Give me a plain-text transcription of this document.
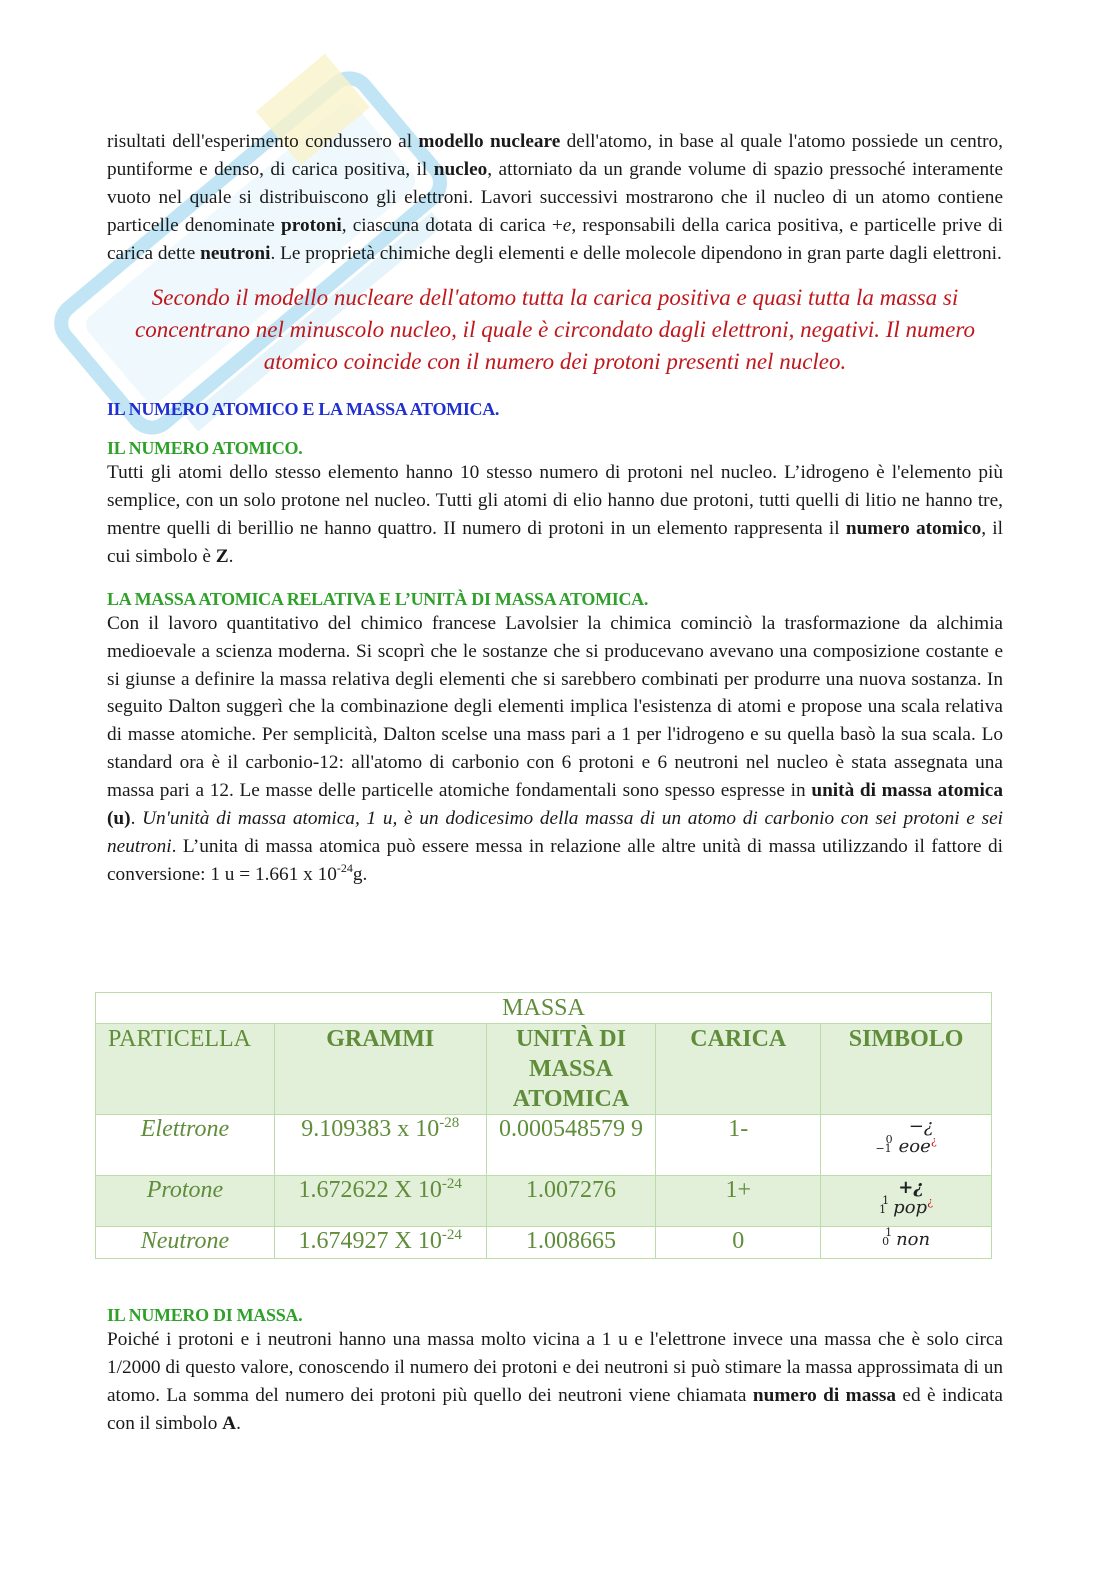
risultati dell'esperimento condussero al modello nucleare dell'atomo, in base al quale l'atomo possiede un centro, puntiforme e denso, di carica positiva, il nucleo, attorniato da un grande volume di spazio pressoché interamente vuoto nel quale si distribuiscono gli elettroni. Lavori successivi mostrarono che il nucleo di un atomo contiene particelle denominate protoni, ciascuna dotata di carica +e, responsabili della carica positiva, e particelle prive di carica dette neutroni. Le proprietà chimiche degli elementi e delle molecole dipendono in gran parte dagli elettroni.

Secondo il modello nucleare dell'atomo tutta la carica positiva e quasi tutta la massa si concentrano nel minuscolo nucleo, il quale è circondato dagli elettroni, negativi. Il numero atomico coincide con il numero dei protoni presenti nel nucleo.

IL NUMERO ATOMICO E LA MASSA ATOMICA.
IL NUMERO ATOMICO.

Tutti gli atomi dello stesso elemento hanno 10 stesso numero di protoni nel nucleo. L’idrogeno è l'elemento più semplice, con un solo protone nel nucleo. Tutti gli atomi di elio hanno due protoni, tutti quelli di litio ne hanno tre, mentre quelli di berillio ne hanno quattro. II numero di protoni in un elemento rappresenta il numero atomico, il cui simbolo è Z.

LA MASSA ATOMICA RELATIVA E L’UNITÀ DI MASSA ATOMICA.

Con il lavoro quantitativo del chimico francese Lavolsier la chimica cominciò la trasformazione da alchimia medioevale a scienza moderna. Si scoprì che le sostanze che si producevano avevano una composizione costante e si giunse a definire la massa relativa degli elementi che si sarebbero combinati per produrre una nuova sostanza. In seguito Dalton suggerì che la combinazione degli elementi implica l'esistenza di atomi e propose una scala relativa di masse atomiche. Per semplicità, Dalton scelse una mass pari a 1 per l'idrogeno e su quella basò la sua scala. Lo standard ora è il carbonio-12: all'atomo di carbonio con 6 protoni e 6 neutroni nel nucleo è stata assegnata una massa pari a 12. Le masse delle particelle atomiche fondamentali sono spesso espresse in unità di massa atomica (u). Un'unità di massa atomica, 1 u, è un dodicesimo della massa di un atomo di carbonio con sei protoni e sei neutroni. L’unita di massa atomica può essere messa in relazione alle altre unità di massa utilizzando il fattore di conversione: 1 u = 1.661 x $10^{-24}g$.

MASSA				
PARTICELLA	GRAMMI	UNITÀ DI MASSA ATOMICA	CARICA	SIMBOLO
Elettrone	9.109383 x $10^{-28}$	0.000548579 9	1-	−¿
$-1^0$ eoe¿

Protone	1.672622 X $10^{-24}$	1.007276	1+	+¿
$1^1$ pop¿

Neutrone	1.674927 X $10^{-24}$	1.008665	0	$0^1$ non
IL NUMERO DI MASSA.

Poiché i protoni e i neutroni hanno una massa molto vicina a 1 u e l'elettrone invece una massa che è solo circa 1/2000 di questo valore, conoscendo il numero dei protoni e dei neutroni si può stimare la massa approssimata di un atomo. La somma del numero dei protoni più quello dei neutroni viene chiamata numero di massa ed è indicata con il simbolo A.
